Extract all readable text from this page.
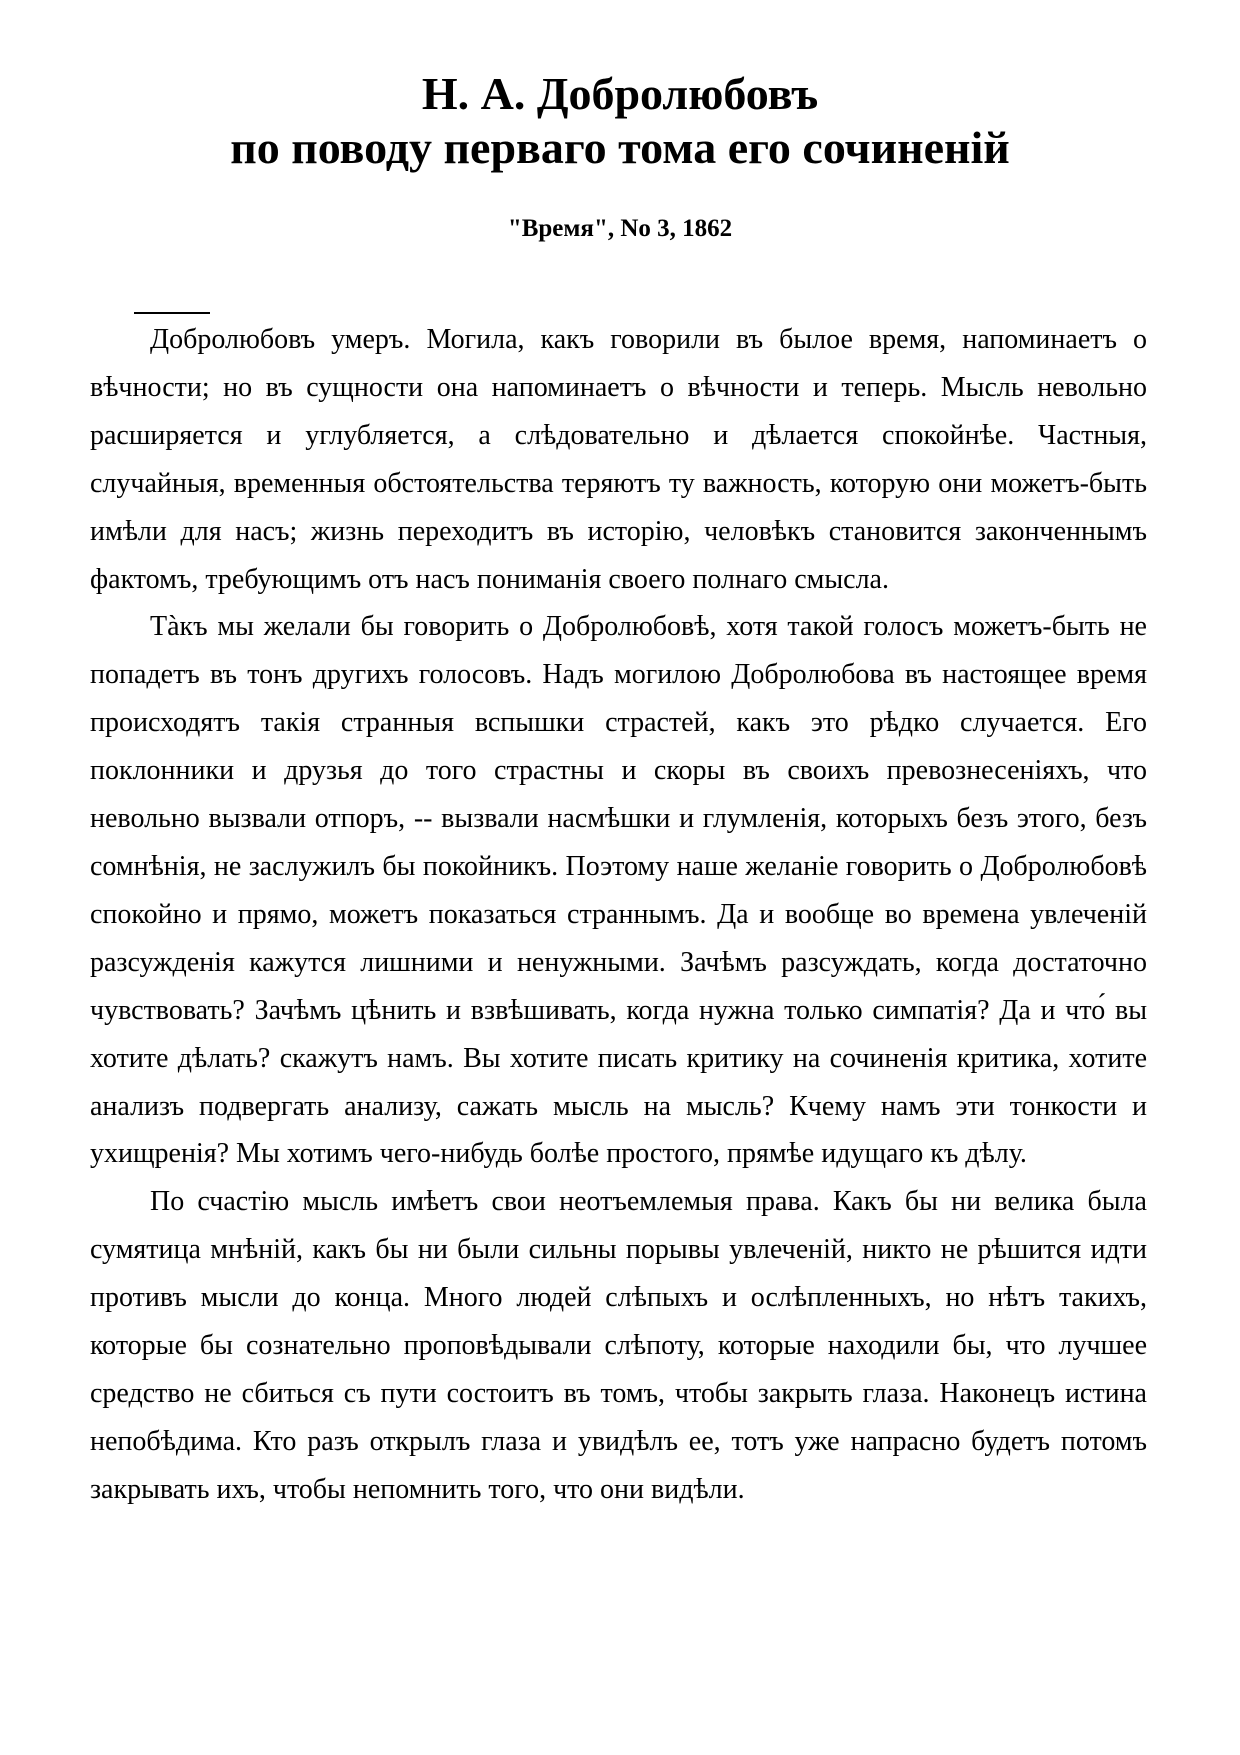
Н. А. Добролюбовъ
по поводу перваго тома его сочиненій
"Время", No 3, 1862

Добролюбовъ умеръ. Могила, какъ говорили въ былое время, напоминаетъ о вѣчности; но въ сущности она напоминаетъ о вѣчности и теперь. Мысль невольно расширяется и углубляется, а слѣдовательно и дѣлается спокойнѣе. Частныя, случайныя, временныя обстоятельства теряютъ ту важность, которую они можетъ-быть имѣли для насъ; жизнь переходитъ въ исторію, человѣкъ становится законченнымъ фактомъ, требующимъ отъ насъ пониманія своего полнаго смысла.

Тàкъ мы желали бы говорить о Добролюбовѣ, хотя такой голосъ можетъ-быть не попадетъ въ тонъ другихъ голосовъ. Надъ могилою Добролюбова въ настоящее время происходятъ такія странныя вспышки страстей, какъ это рѣдко случается. Его поклонники и друзья до того страстны и скоры въ своихъ превознесеніяхъ, что невольно вызвали отпоръ, -- вызвали насмѣшки и глумленія, которыхъ безъ этого, безъ сомнѣнія, не заслужилъ бы покойникъ. Поэтому наше желаніе говорить о Добролюбовѣ спокойно и прямо, можетъ показаться страннымъ. Да и вообще во времена увлеченій разсужденія кажутся лишними и ненужными. Зачѣмъ разсуждать, когда достаточно чувствовать? Зачѣмъ цѣнить и взвѣшивать, когда нужна только симпатія? Да и что́ вы хотите дѣлать? скажутъ намъ. Вы хотите писать критику на сочиненія критика, хотите анализъ подвергать анализу, сажать мысль на мысль? Кчему намъ эти тонкости и ухищренія? Мы хотимъ чего-нибудь болѣе простого, прямѣе идущаго къ дѣлу.

По счастію мысль имѣетъ свои неотъемлемыя права. Какъ бы ни велика была сумятица мнѣній, какъ бы ни были сильны порывы увлеченій, никто не рѣшится идти противъ мысли до конца. Много людей слѣпыхъ и ослѣпленныхъ, но нѣтъ такихъ, которые бы сознательно проповѣдывали слѣпоту, которые находили бы, что лучшее средство не сбиться съ пути состоитъ въ томъ, чтобы закрыть глаза. Наконецъ истина непобѣдима. Кто разъ открылъ глаза и увидѣлъ ее, тотъ уже напрасно будетъ потомъ закрывать ихъ, чтобы непомнить того, что они видѣли.
